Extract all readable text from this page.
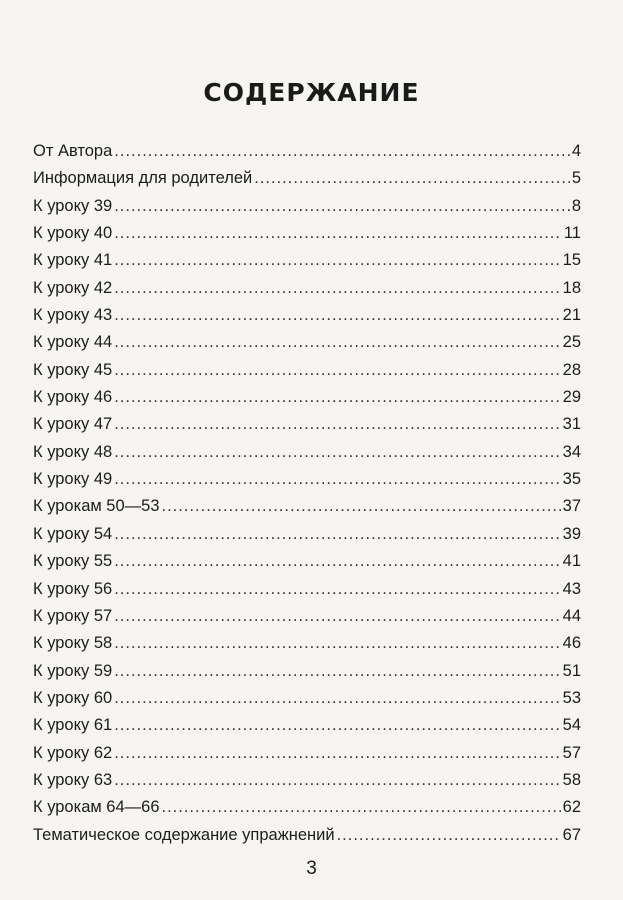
СОДЕРЖАНИЕ
От Автора .....	4
Информация для родителей .....	5
К уроку 39 .....	8
К уроку 40 .....	11
К уроку 41 .....	15
К уроку 42 .....	18
К уроку 43 .....	21
К уроку 44 .....	25
К уроку 45 .....	28
К уроку 46 .....	29
К уроку 47 .....	31
К уроку 48 .....	34
К уроку 49 .....	35
К урокам 50—53 .....	37
К уроку 54 .....	39
К уроку 55 .....	41
К уроку 56 .....	43
К уроку 57 .....	44
К уроку 58 .....	46
К уроку 59 .....	51
К уроку 60 .....	53
К уроку 61 .....	54
К уроку 62 .....	57
К уроку 63 .....	58
К урокам 64—66 .....	62
Тематическое содержание упражнений .....	67
3
